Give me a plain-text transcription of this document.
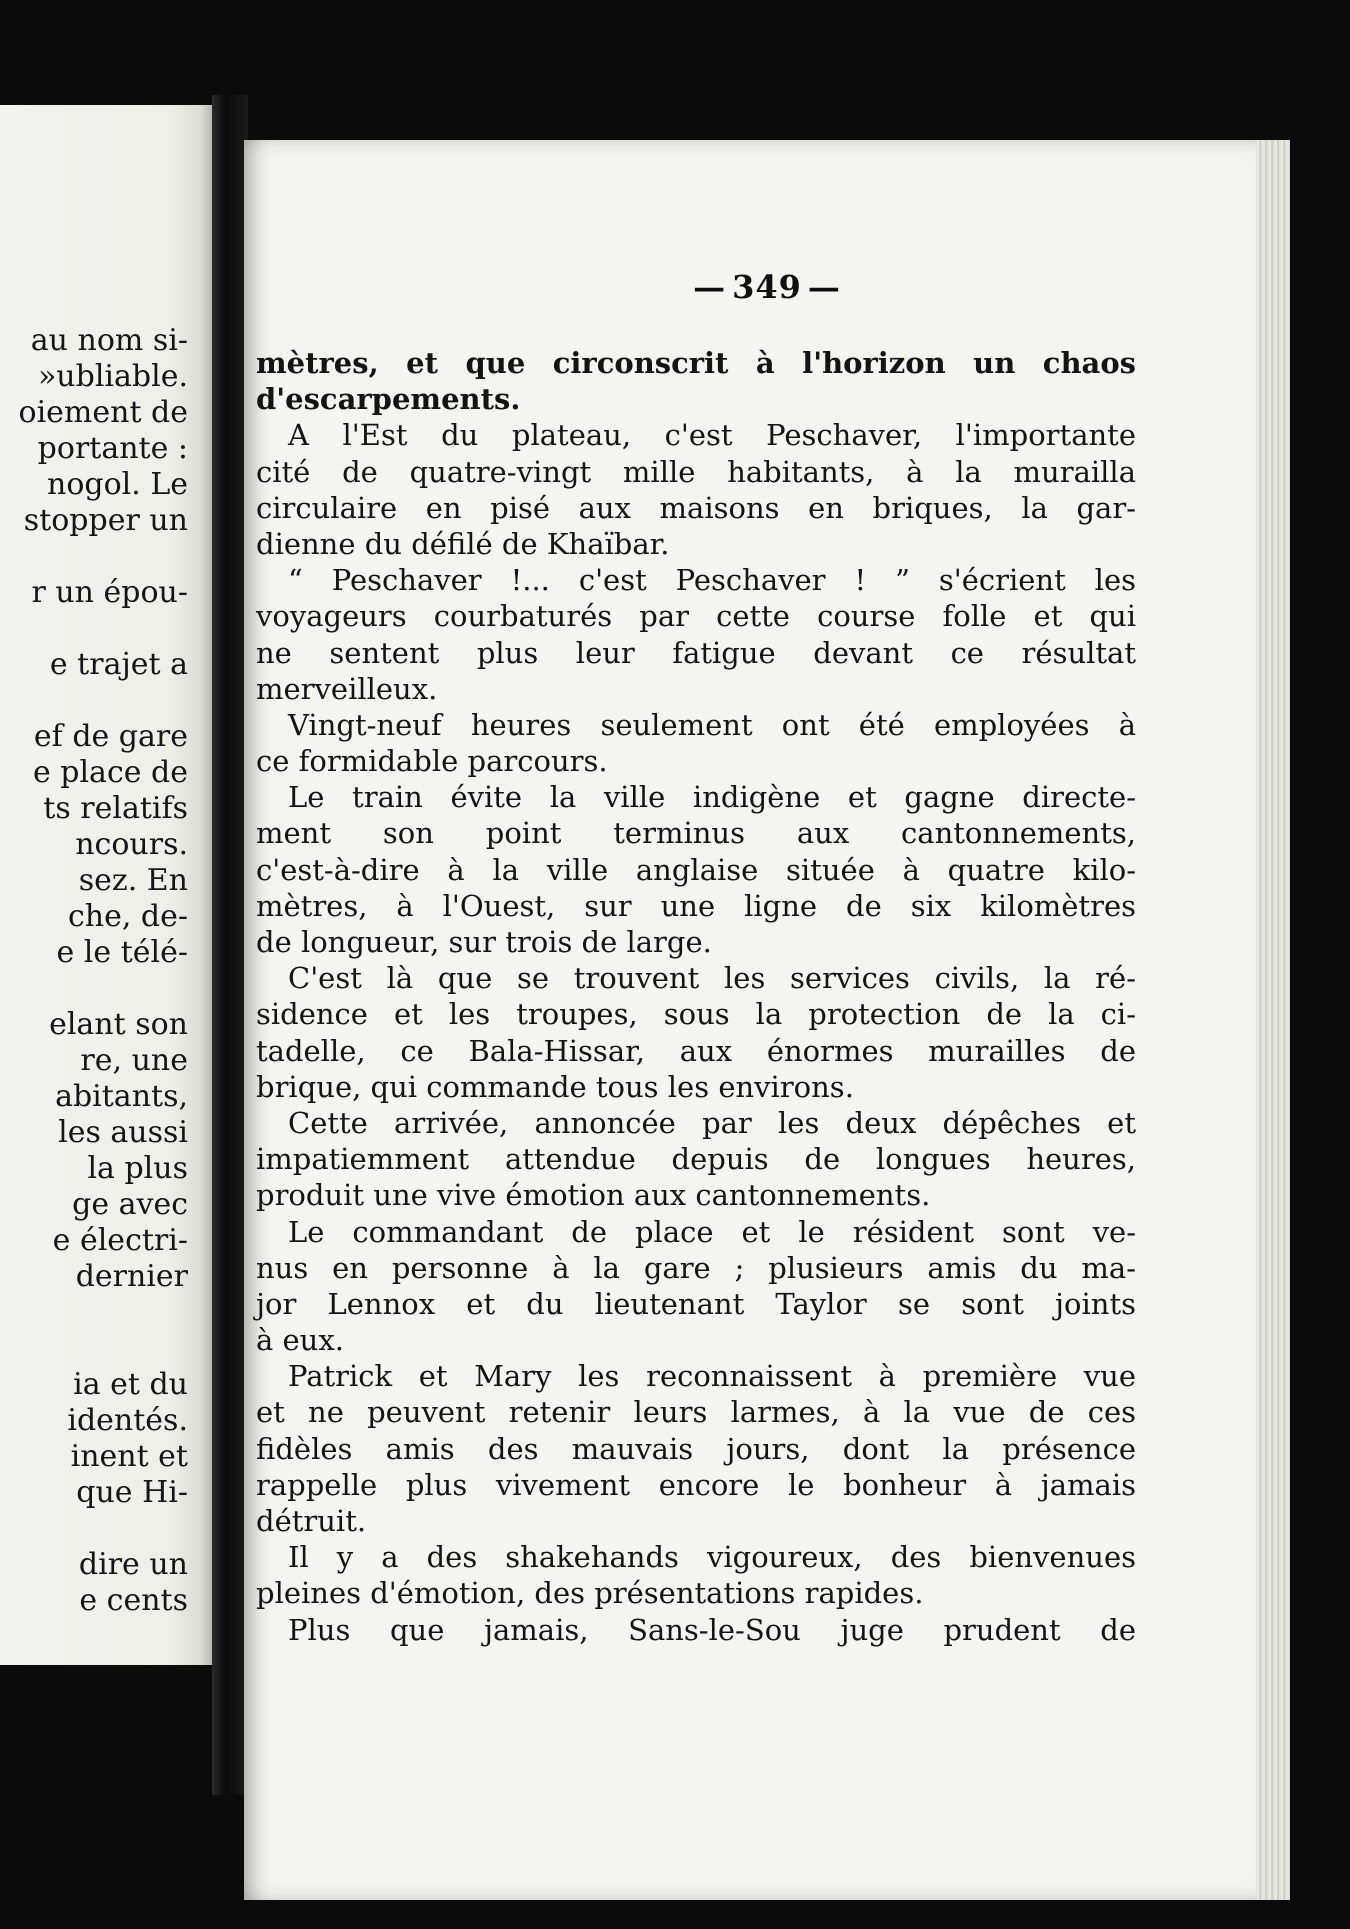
au nom si-
»ubliable.
oiement de
portante :
nogol. Le
stopper un
r un épou-
e trajet a
ef de gare
e place de
ts relatifs
ncours.
sez. En
che, de-
e le télé-
elant son
re, une
abitants,
les aussi
la plus
ge avec
e électri-
dernier
ia et du
identés.
inent et
que Hi-
dire un
e cents
— 349 —
mètres, et que circonscrit à l'horizon un chaos
d'escarpements.
A l'Est du plateau, c'est Peschaver, l'importante
cité de quatre-vingt mille habitants, à la murailla
circulaire en pisé aux maisons en briques, la gar-
dienne du défilé de Khaïbar.
“ Peschaver !... c'est Peschaver ! ” s'écrient les
voyageurs courbaturés par cette course folle et qui
ne sentent plus leur fatigue devant ce résultat
merveilleux.
Vingt-neuf heures seulement ont été employées à
ce formidable parcours.
Le train évite la ville indigène et gagne directe-
ment son point terminus aux cantonnements,
c'est-à-dire à la ville anglaise située à quatre kilo-
mètres, à l'Ouest, sur une ligne de six kilomètres
de longueur, sur trois de large.
C'est là que se trouvent les services civils, la ré-
sidence et les troupes, sous la protection de la ci-
tadelle, ce Bala-Hissar, aux énormes murailles de
brique, qui commande tous les environs.
Cette arrivée, annoncée par les deux dépêches et
impatiemment attendue depuis de longues heures,
produit une vive émotion aux cantonnements.
Le commandant de place et le résident sont ve-
nus en personne à la gare ; plusieurs amis du ma-
jor Lennox et du lieutenant Taylor se sont joints
à eux.
Patrick et Mary les reconnaissent à première vue
et ne peuvent retenir leurs larmes, à la vue de ces
fidèles amis des mauvais jours, dont la présence
rappelle plus vivement encore le bonheur à jamais
détruit.
Il y a des shakehands vigoureux, des bienvenues
pleines d'émotion, des présentations rapides.
Plus que jamais, Sans-le-Sou juge prudent de
